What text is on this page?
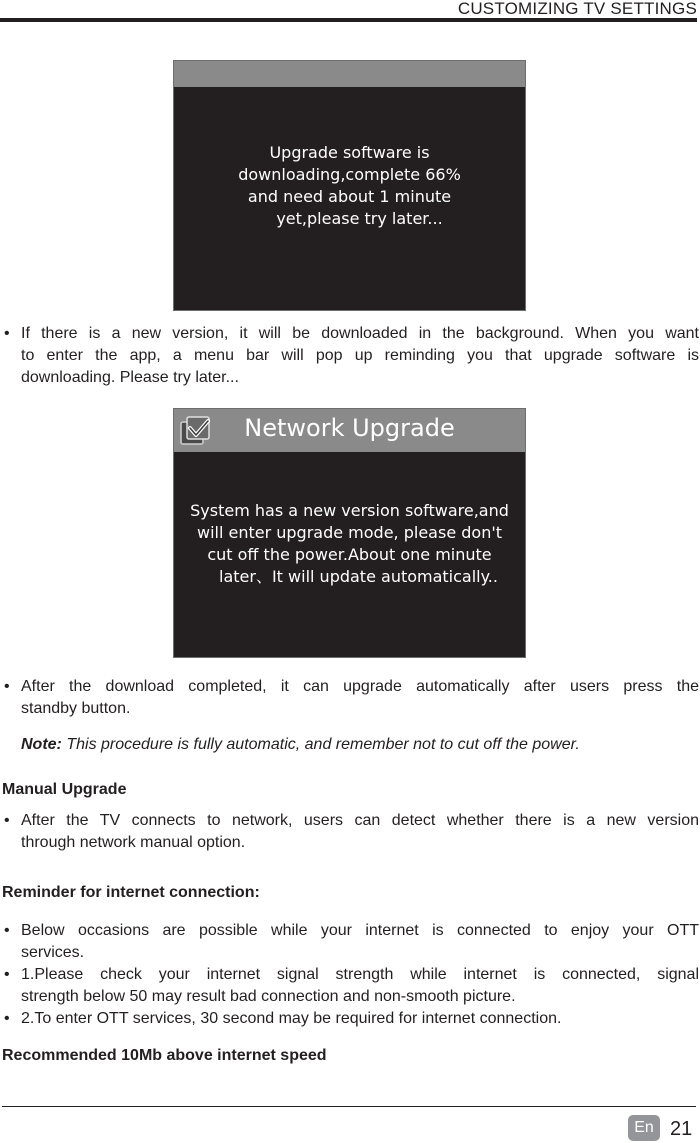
CUSTOMIZING TV SETTINGS
Upgrade software is
downloading,complete 66%
and need about 1 minute
yet,please try later...
• If there is a new version, it will be downloaded in the background. When you want
to enter the app, a menu bar will pop up reminding you that upgrade software is
downloading. Please try later...
Network Upgrade
System has a new version software,and
will enter upgrade mode, please don't
cut off the power.About one minute
later、It will update automatically..
• After the download completed, it can upgrade automatically after users press the
standby button.
Note: This procedure is fully automatic, and remember not to cut off the power.
Manual Upgrade
• After the TV connects to network, users can detect whether there is a new version
through network manual option.
Reminder for internet connection:
• Below occasions are possible while your internet is connected to enjoy your OTT
services.
• 1.Please check your internet signal strength while internet is connected, signal
strength below 50 may result bad connection and non-smooth picture.
• 2.To enter OTT services, 30 second may be required for internet connection.
Recommended 10Mb above internet speed
En 21
